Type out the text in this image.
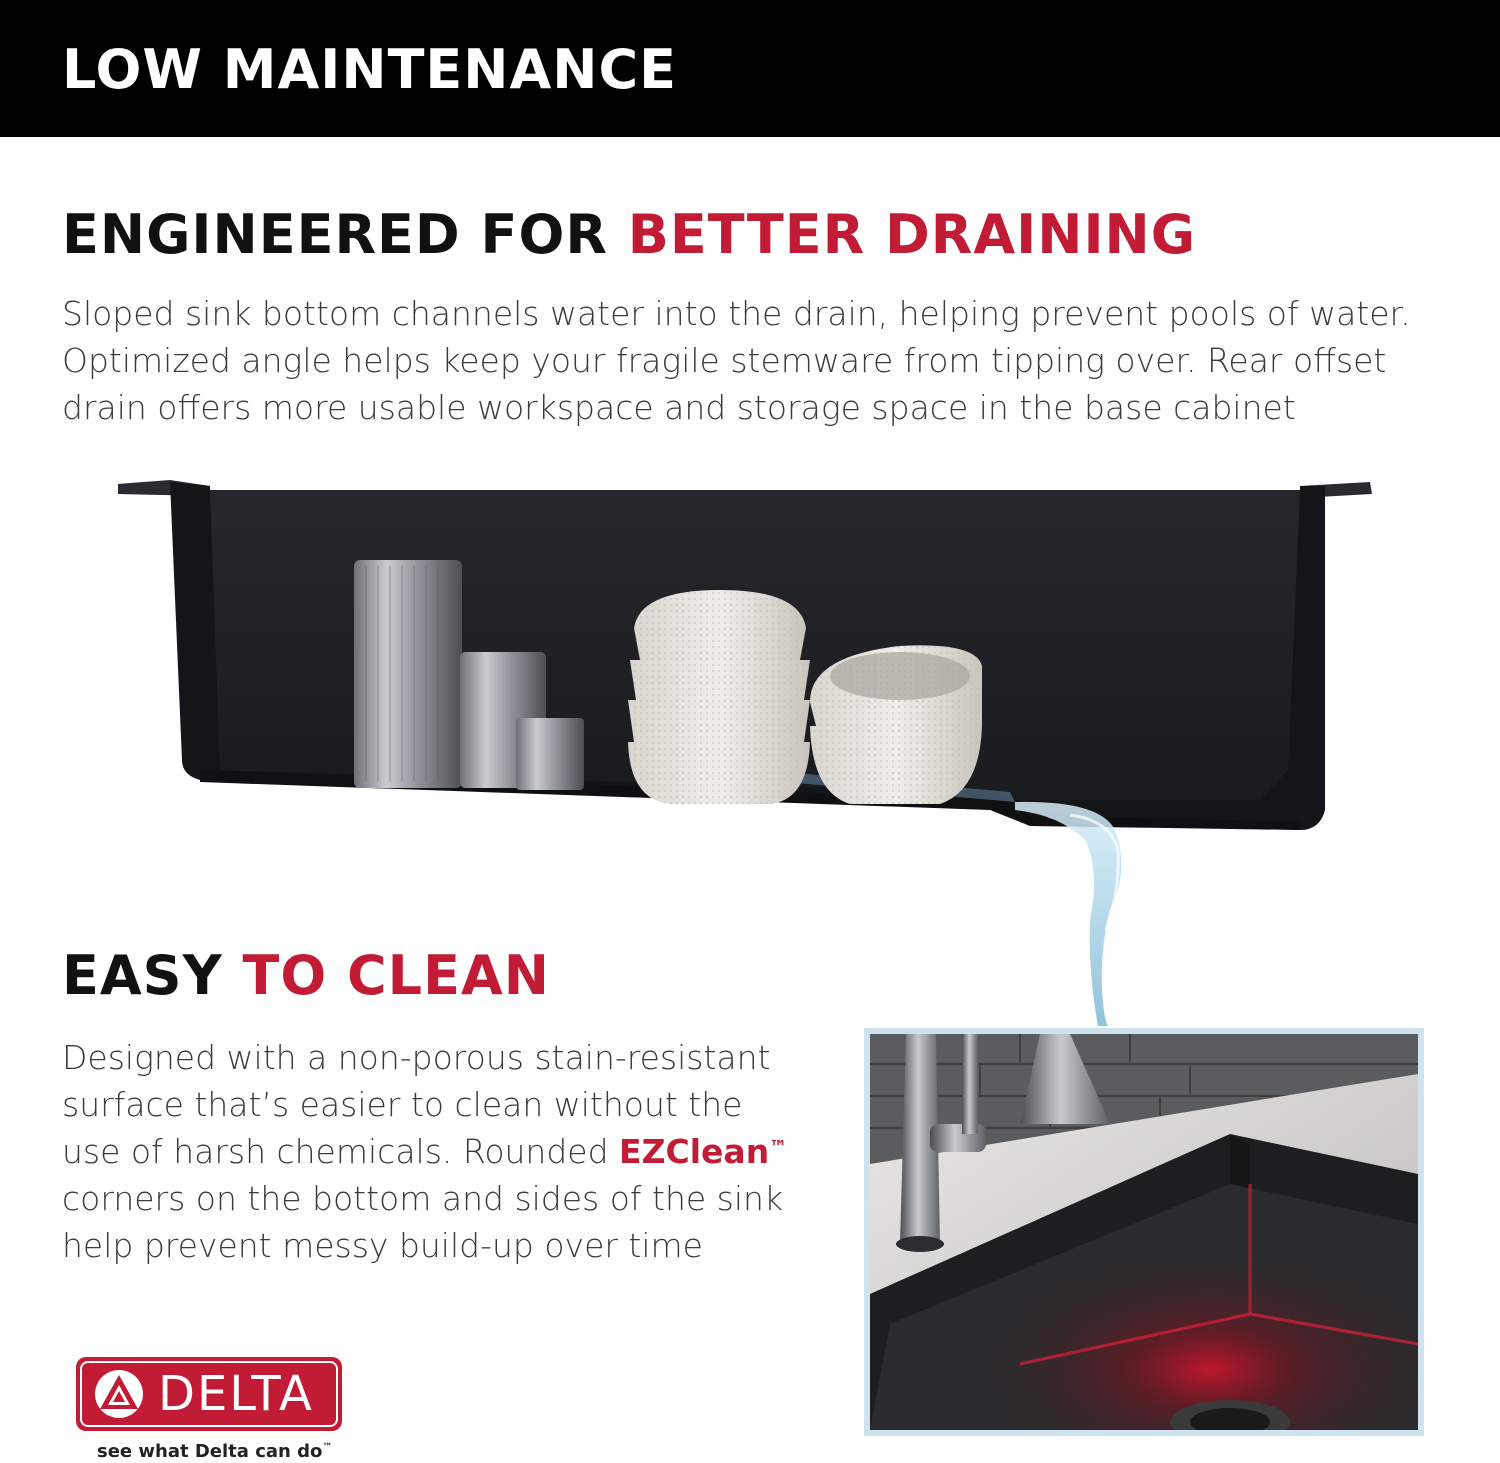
LOW MAINTENANCE
ENGINEERED FOR BETTER DRAINING
Sloped sink bottom channels water into the drain, helping prevent pools of water.
Optimized angle helps keep your fragile stemware from tipping over. Rear offset
drain offers more usable workspace and storage space in the base cabinet
EASY TO CLEAN
Designed with a non-porous stain-resistant
surface that’s easier to clean without the
use of harsh chemicals. Rounded EZClean™
corners on the bottom and sides of the sink
help prevent messy build-up over time
DELTA
see what Delta can do™
